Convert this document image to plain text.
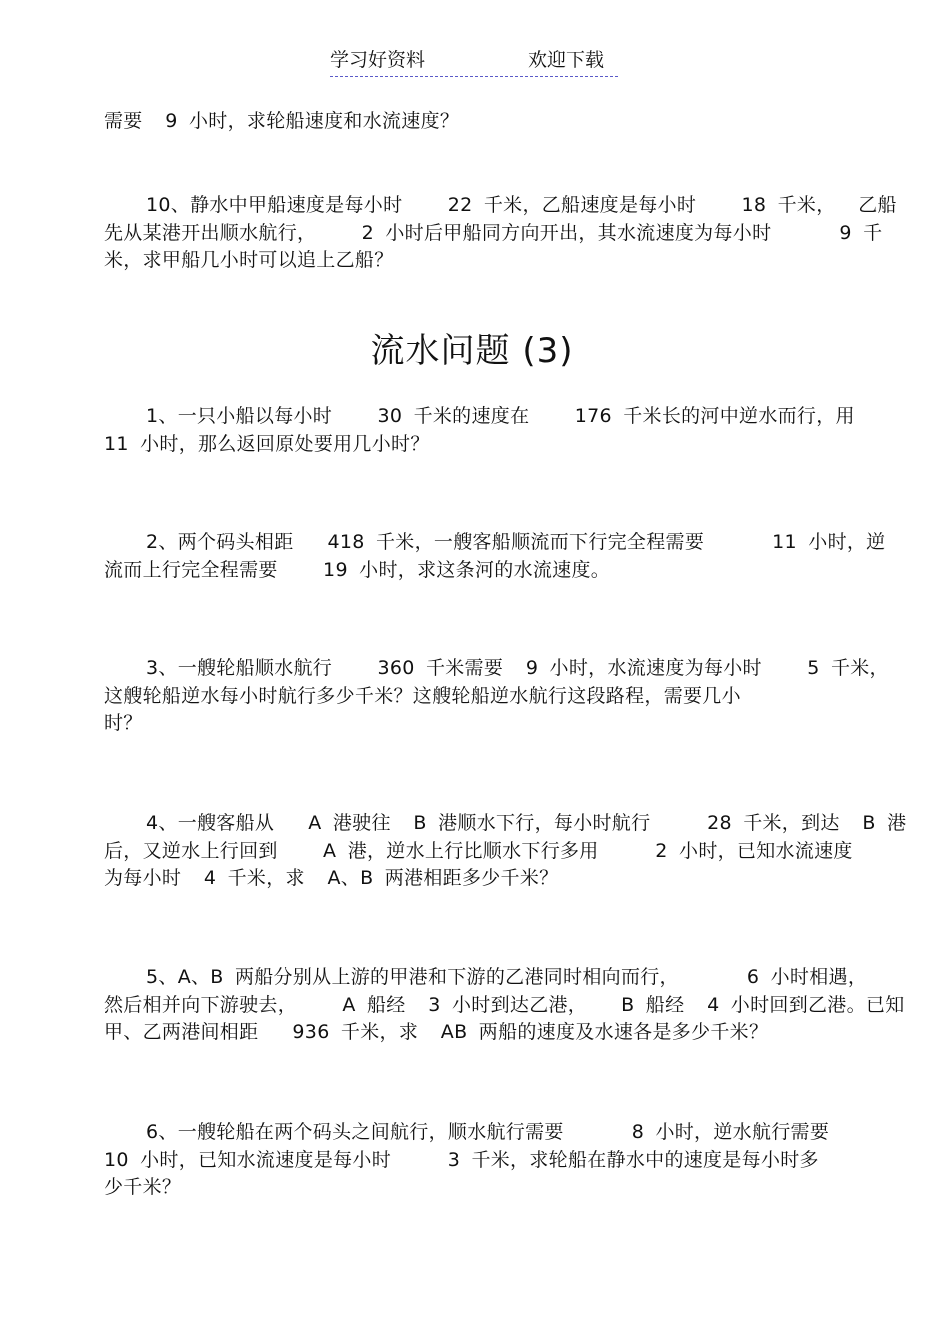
学习好资料	欢迎下载

需要  9 小时，求轮船速度和水流速度？

10、静水中甲船速度是每小时    22 千米，乙船速度是每小时    18 千米，  乙船
先从某港开出顺水航行，    2 小时后甲船同方向开出，其水流速度为每小时      9 千
米，求甲船几小时可以追上乙船？

流水问题 (3)

1、一只小船以每小时    30 千米的速度在    176 千米长的河中逆水而行，用
11 小时，那么返回原处要用几小时？

2、两个码头相距   418 千米，一艘客船顺流而下行完全程需要      11 小时，逆
流而上行完全程需要    19 小时，求这条河的水流速度。

3、一艘轮船顺水航行    360 千米需要  9 小时，水流速度为每小时    5 千米，
这艘轮船逆水每小时航行多少千米？这艘轮船逆水航行这段路程，需要几小
时？

4、一艘客船从   A 港驶往  B 港顺水下行，每小时航行     28 千米，到达  B 港
后，又逆水上行回到    A 港，逆水上行比顺水下行多用     2 小时，已知水流速度
为每小时  4 千米，求  A、B 两港相距多少千米？

5、A、B 两船分别从上游的甲港和下游的乙港同时相向而行，      6 小时相遇，
然后相并向下游驶去，    A 船经  3 小时到达乙港，   B 船经  4 小时回到乙港。已知
甲、乙两港间相距   936 千米，求  AB 两船的速度及水速各是多少千米？

6、一艘轮船在两个码头之间航行，顺水航行需要      8 小时，逆水航行需要
10 小时，已知水流速度是每小时     3 千米，求轮船在静水中的速度是每小时多
少千米？
